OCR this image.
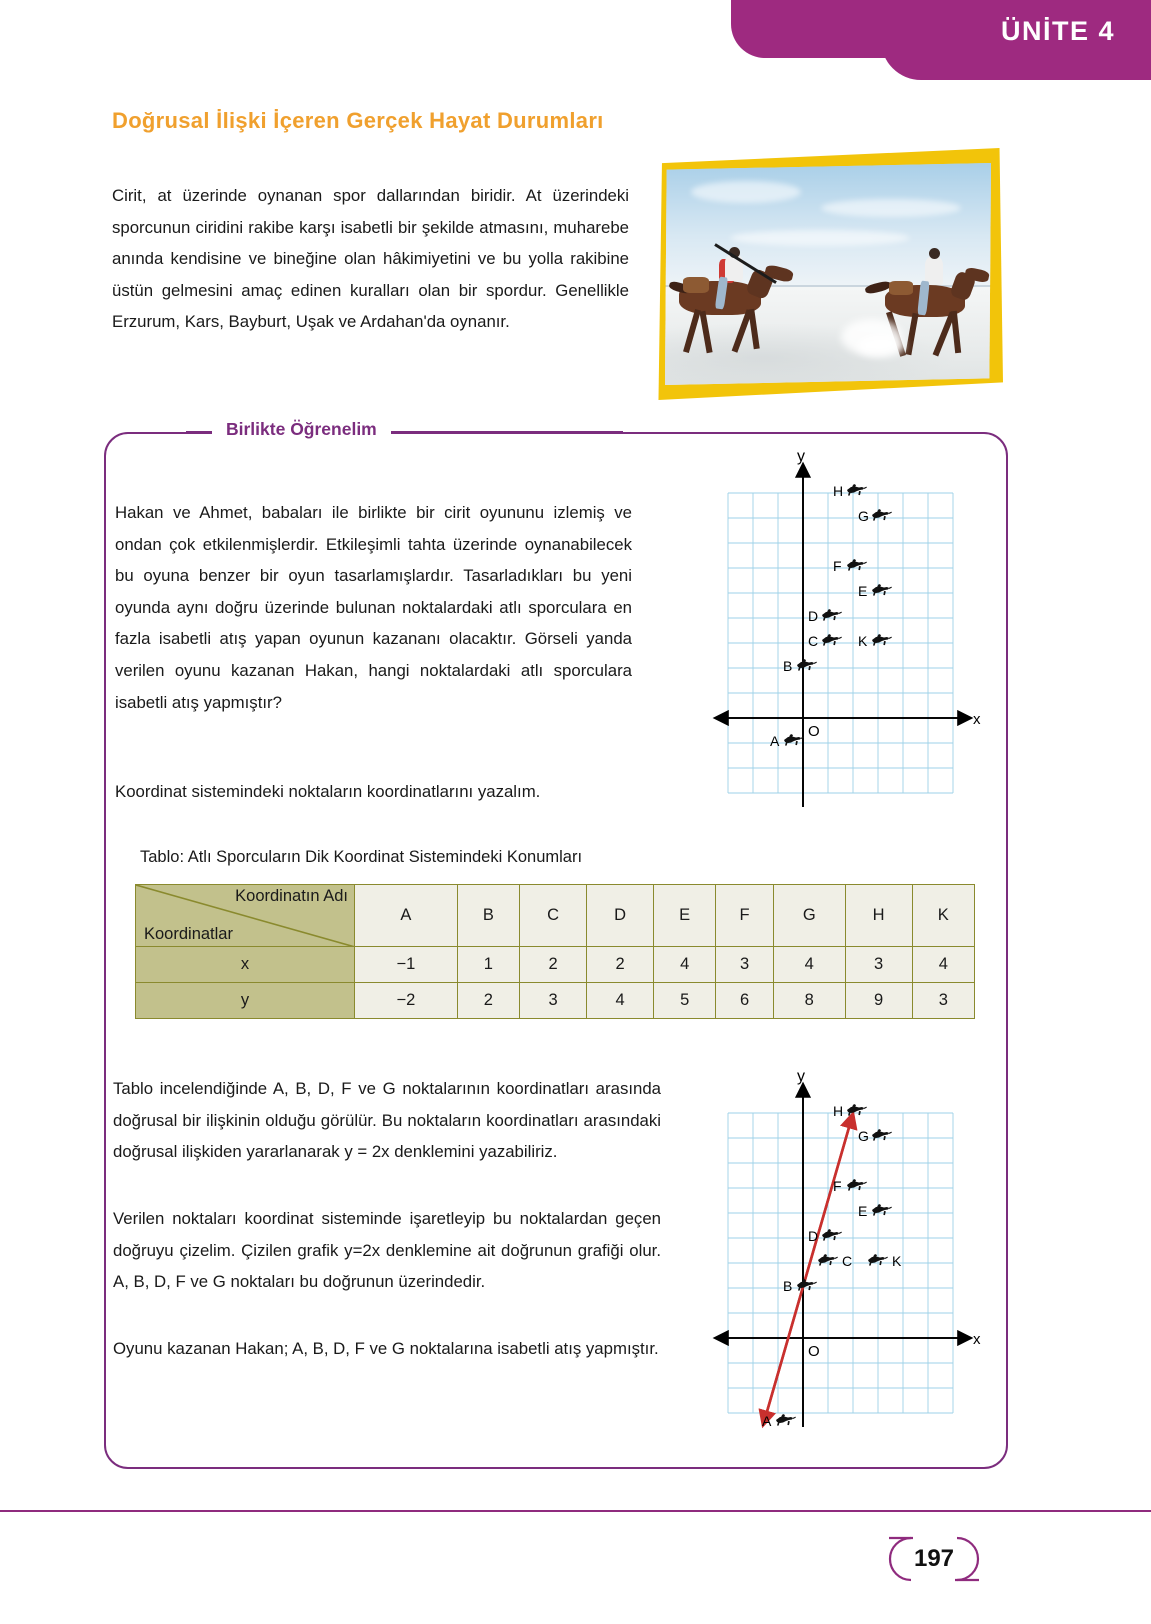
ÜNİTE 4
Doğrusal İlişki İçeren Gerçek Hayat Durumları
Cirit, at üzerinde oynanan spor dallarından biridir. At üzerindeki sporcunun ciridini rakibe karşı isabetli bir şekilde atmasını, muharebe anında kendisine ve bineğine olan hâkimiyetini ve bu yolla rakibine üstün gelmesini amaç edinen kuralları olan bir spordur. Genellikle Erzurum, Kars, Bayburt, Uşak ve Ardahan'da oynanır.
Birlikte Öğrenelim
Hakan ve Ahmet, babaları ile birlikte bir cirit oyununu izlemiş ve ondan çok etkilenmişlerdir. Etkileşimli tahta üzerinde oynanabilecek bu oyuna benzer bir oyun tasarlamışlardır. Tasarladıkları bu yeni oyunda aynı doğru üzerinde bulunan noktalardaki atlı sporculara en fazla isabetli atış yapan oyunun kazananı olacaktır. Görseli yanda verilen oyunu kazanan Hakan, hangi noktalardaki atlı sporculara isabetli atış yapmıştır?
Koordinat sistemindeki noktaların koordinatlarını yazalım.
x
y
O
A
B
C
D
E
F
G
H
K
Tablo: Atlı Sporcuların Dik Koordinat Sistemindeki Konumları
Koordinatın Adı
Koordinatlar	A	B	C	D	E	F	G	H	K
x	−1	1	2	2	4	3	4	3	4
y	−2	2	3	4	5	6	8	9	3
Tablo incelendiğinde A, B, D, F ve G noktalarının koordinatları arasında doğrusal bir ilişkinin olduğu görülür. Bu noktaların koordinatları arasındaki doğrusal ilişkiden yararlanarak y = 2x denklemini yazabiliriz.
Verilen noktaları koordinat sisteminde işaretleyip bu noktalardan geçen doğruyu çizelim. Çizilen grafik y=2x denklemine ait doğrunun grafiği olur. A, B, D, F ve G noktaları bu doğrunun üzerindedir.
Oyunu kazanan Hakan; A, B, D, F ve G noktalarına isabetli atış yapmıştır.	x
y
O
A
B
C
D
E
F
G
H
K
197
